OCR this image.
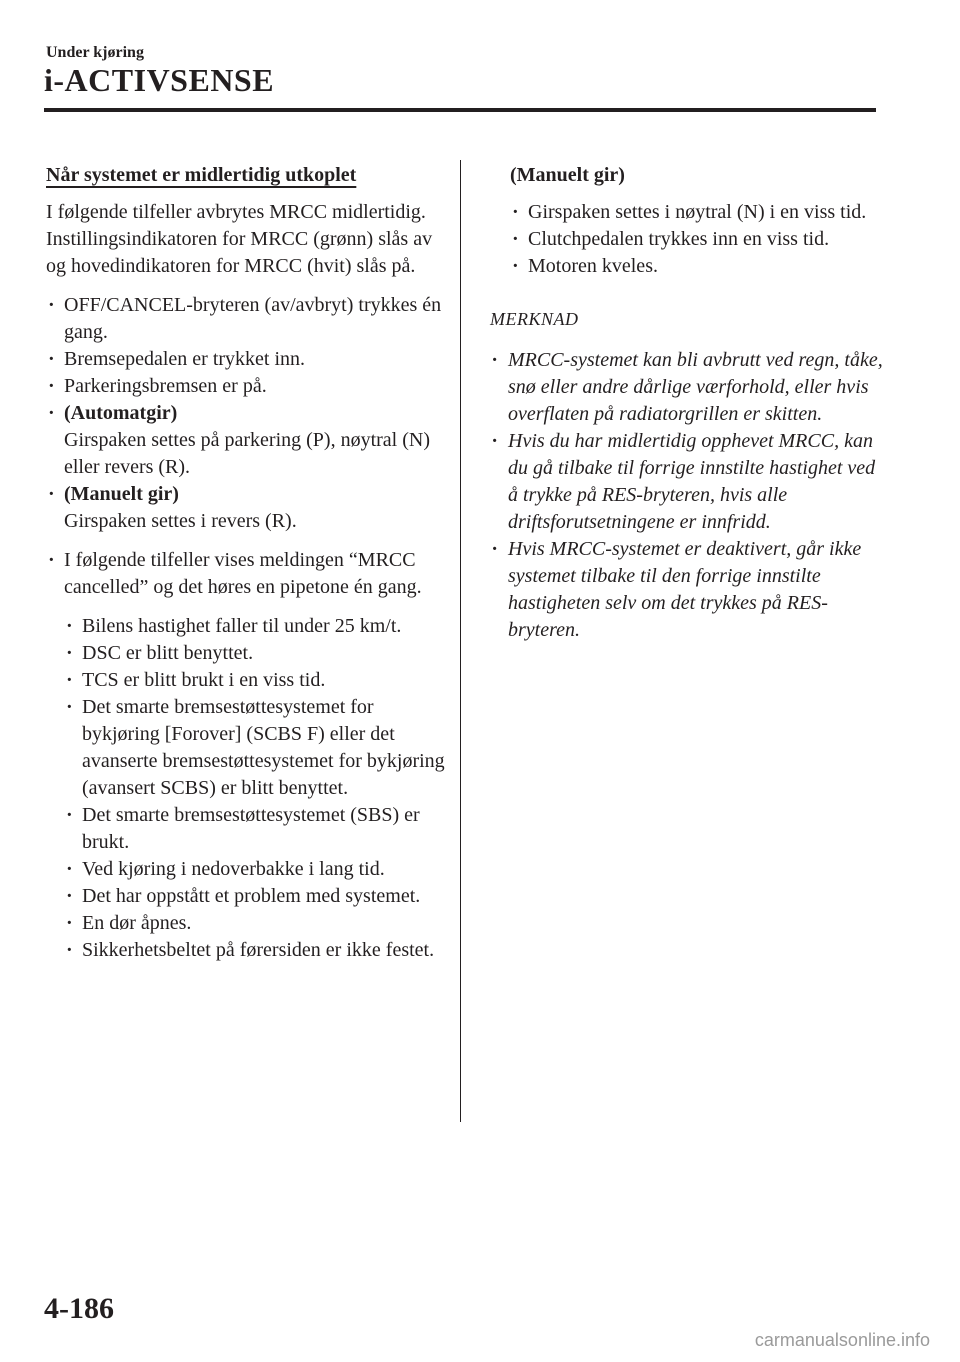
Under kjøring
i-ACTIVSENSE
Når systemet er midlertidig utkoplet

I følgende tilfeller avbrytes MRCC midlertidig. Instillingsindikatoren for MRCC (grønn) slås av og hovedindikatoren for MRCC (hvit) slås på.

· OFF/CANCEL-bryteren (av/avbryt) trykkes én gang.
· Bremsepedalen er trykket inn.
· Parkeringsbremsen er på.
· (Automatgir)
Girspaken settes på parkering (P), nøytral (N) eller revers (R).
· (Manuelt gir)
Girspaken settes i revers (R).
· I følgende tilfeller vises meldingen “MRCC cancelled” og det høres en pipetone én gang.
· Bilens hastighet faller til under 25 km/t.
· DSC er blitt benyttet.
· TCS er blitt brukt i en viss tid.
· Det smarte bremsestøttesystemet for bykjøring [Forover] (SCBS F) eller det avanserte bremsestøttesystemet for bykjøring (avansert SCBS) er blitt benyttet.
· Det smarte bremsestøttesystemet (SBS) er brukt.
· Ved kjøring i nedoverbakke i lang tid.
· Det har oppstått et problem med systemet.
· En dør åpnes.
· Sikkerhetsbeltet på førersiden er ikke festet.
(Manuelt gir)
· Girspaken settes i nøytral (N) i en viss tid.
· Clutchpedalen trykkes inn en viss tid.
· Motoren kveles.
MERKNAD
· MRCC-systemet kan bli avbrutt ved regn, tåke, snø eller andre dårlige værforhold, eller hvis overflaten på radiatorgrillen er skitten.
· Hvis du har midlertidig opphevet MRCC, kan du gå tilbake til forrige innstilte hastighet ved å trykke på RES-bryteren, hvis alle driftsforutsetningene er innfridd.
· Hvis MRCC-systemet er deaktivert, går ikke systemet tilbake til den forrige innstilte hastigheten selv om det trykkes på RES-bryteren.
4-186
carmanualsonline.info
